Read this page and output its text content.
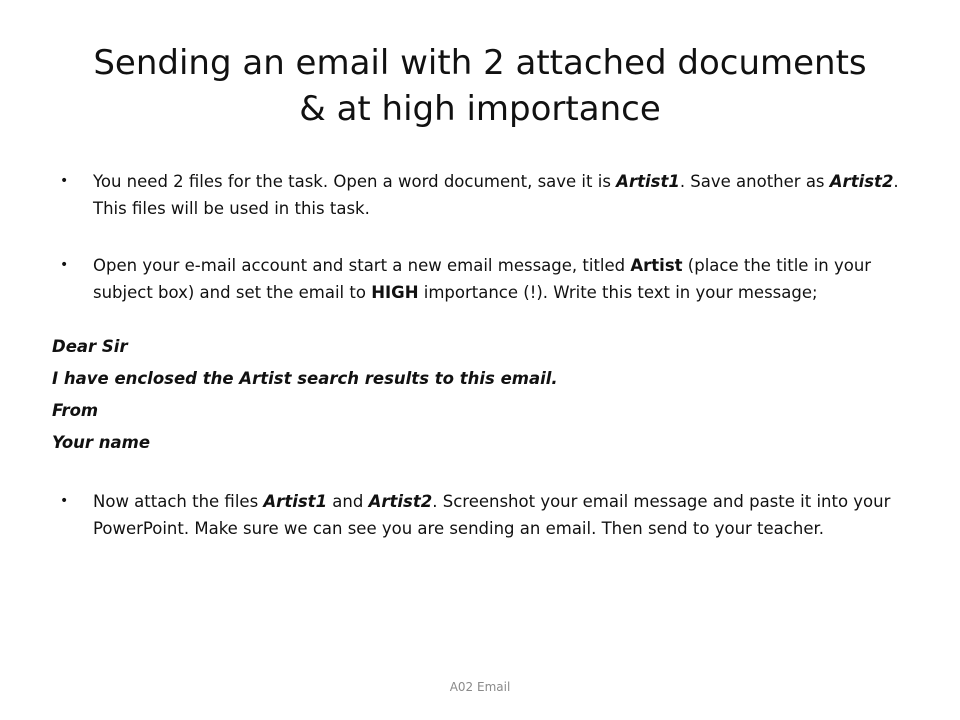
Sending an email with 2 attached documents
& at high importance

• You need 2 files for the task. Open a word document, save it is Artist1. Save another as Artist2. This files will be used in this task.

• Open your e-mail account and start a new email message, titled Artist (place the title in your subject box) and set the email to HIGH importance (!). Write this text in your message;

Dear Sir

I have enclosed the Artist search results to this email.

From

Your name

• Now attach the files Artist1 and Artist2. Screenshot your email message and paste it into your PowerPoint. Make sure we can see you are sending an email. Then send to your teacher.

A02 Email
